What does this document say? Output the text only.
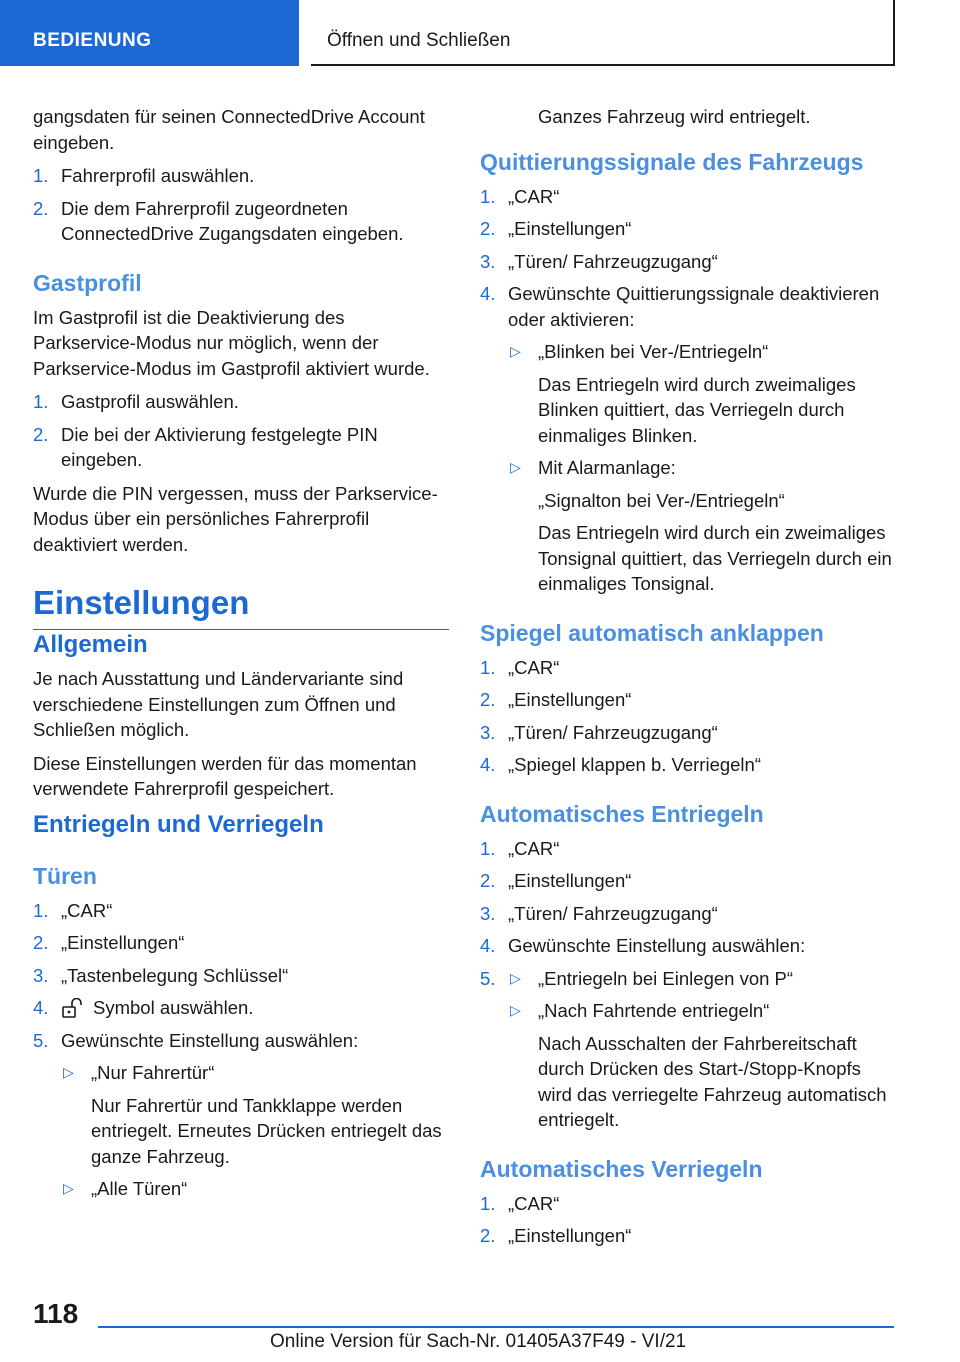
BEDIENUNG	Öffnen und Schließen

gangsdaten für seinen ConnectedDrive Account eingeben.

1. Fahrerprofil auswählen.
2. Die dem Fahrerprofil zugeordneten ConnectedDrive Zugangsdaten eingeben.
Gastprofil

Im Gastprofil ist die Deaktivierung des Parkservice-Modus nur möglich, wenn der Parkservice-Modus im Gastprofil aktiviert wurde.

1. Gastprofil auswählen.
2. Die bei der Aktivierung festgelegte PIN eingeben.

Wurde die PIN vergessen, muss der Parkservice-Modus über ein persönliches Fahrerprofil deaktiviert werden.

Einstellungen
Allgemein

Je nach Ausstattung und Ländervariante sind verschiedene Einstellungen zum Öffnen und Schließen möglich.

Diese Einstellungen werden für das momentan verwendete Fahrerprofil gespeichert.

Entriegeln und Verriegeln
Türen
1. „CAR“
2. „Einstellungen“
3. „Tastenbelegung Schlüssel“
4. Symbol auswählen.
5. Gewünschte Einstellung auswählen:
▷ „Nur Fahrertür“
Nur Fahrertür und Tankklappe werden entriegelt. Erneutes Drücken entriegelt das ganze Fahrzeug.
▷ „Alle Türen“
Ganzes Fahrzeug wird entriegelt.
Quittierungssignale des Fahrzeugs
1. „CAR“
2. „Einstellungen“
3. „Türen/ Fahrzeugzugang“
4. Gewünschte Quittierungssignale deaktivieren oder aktivieren:
▷ „Blinken bei Ver-/Entriegeln“
Das Entriegeln wird durch zweimaliges Blinken quittiert, das Verriegeln durch einmaliges Blinken.
▷ Mit Alarmanlage:
„Signalton bei Ver-/Entriegeln“
Das Entriegeln wird durch ein zweimaliges Tonsignal quittiert, das Verriegeln durch ein einmaliges Tonsignal.
Spiegel automatisch anklappen
1. „CAR“
2. „Einstellungen“
3. „Türen/ Fahrzeugzugang“
4. „Spiegel klappen b. Verriegeln“
Automatisches Entriegeln
1. „CAR“
2. „Einstellungen“
3. „Türen/ Fahrzeugzugang“
4. Gewünschte Einstellung auswählen:
5. ▷ „Entriegeln bei Einlegen von P“
▷ „Nach Fahrtende entriegeln“
Nach Ausschalten der Fahrbereitschaft durch Drücken des Start-/Stopp-Knopfs wird das verriegelte Fahrzeug automatisch entriegelt.
Automatisches Verriegeln
1. „CAR“
2. „Einstellungen“
118
Online Version für Sach-Nr. 01405A37F49 - VI/21
